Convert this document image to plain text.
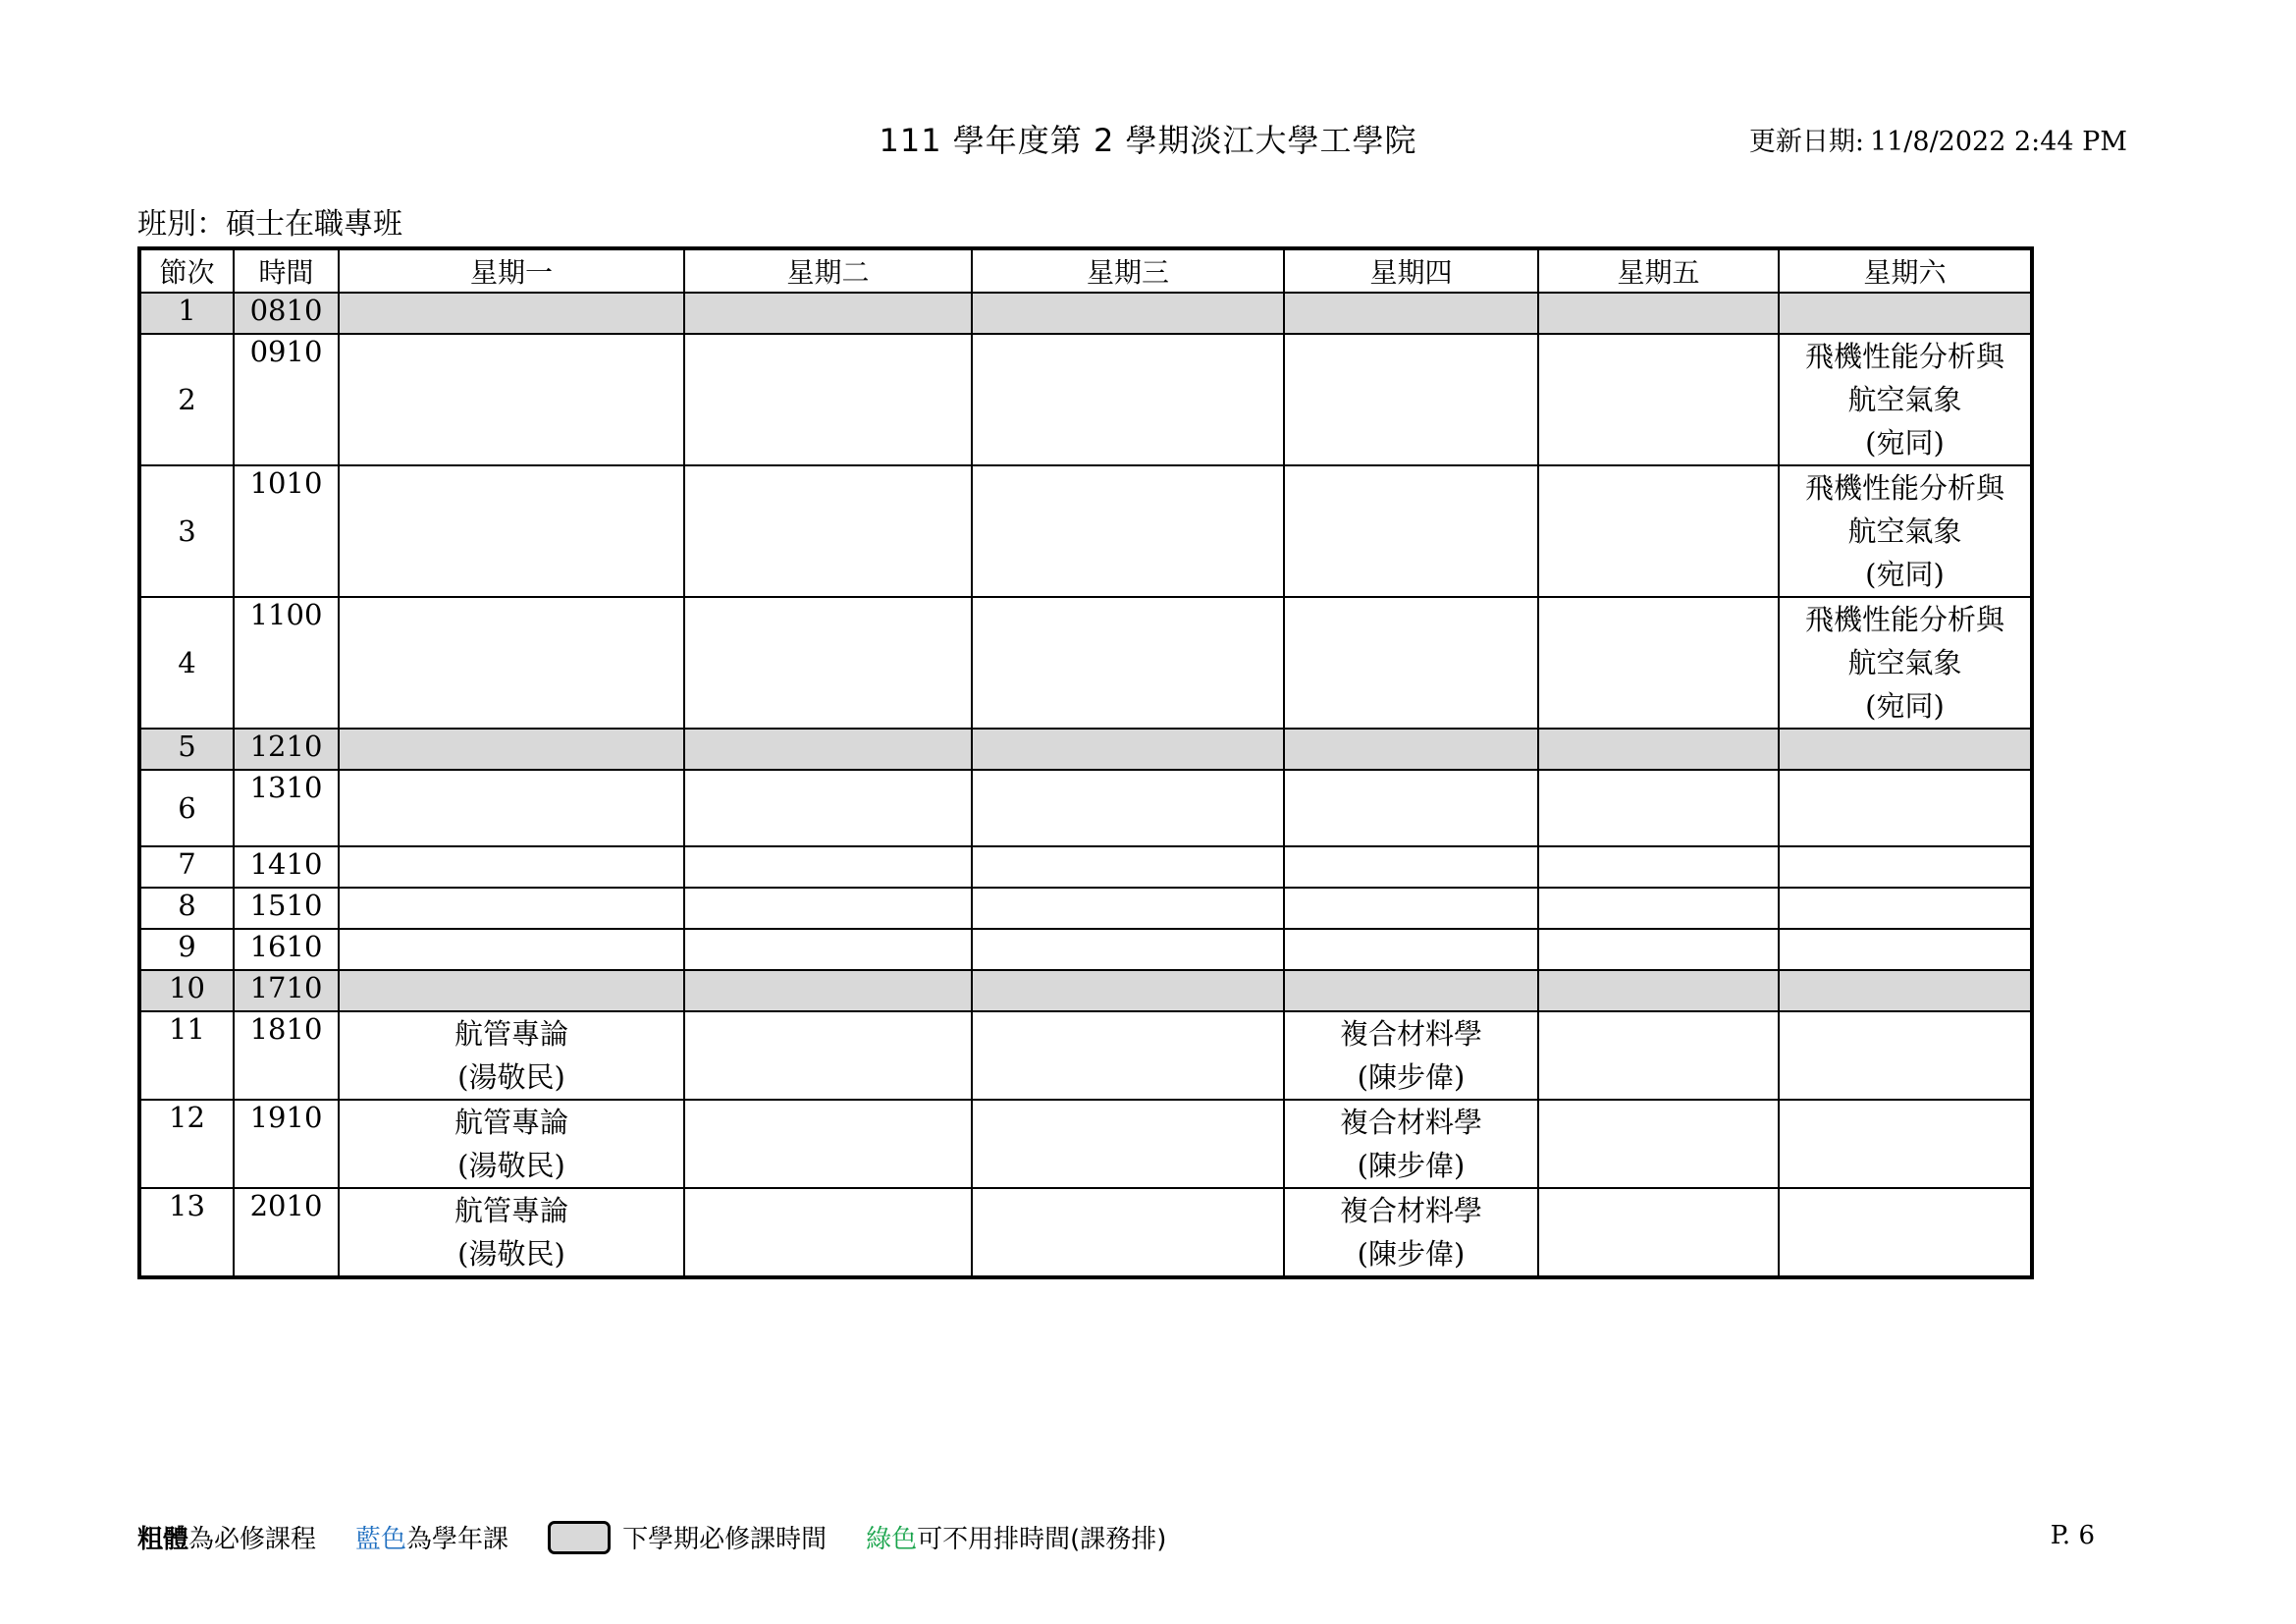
111 學年度第 2 學期淡江大學工學院	更新日期: 11/8/2022 2:44 PM
班別：碩士在職專班
節次	時間	星期一	星期二	星期三	星期四	星期五	星期六
1	0810						
2	0910						飛機性能分析與
航空氣象
(宛同)

3	1010						飛機性能分析與
航空氣象
(宛同)

4	1100						飛機性能分析與
航空氣象
(宛同)

5	1210						
6	1310						
7	1410						
8	1510						
9	1610						
10	1710						
11	1810	航管專論
(湯敬民)			複合材料學
(陳步偉)		

12	1910	航管專論
(湯敬民)			複合材料學
(陳步偉)		

13	2010	航管專論
(湯敬民)			複合材料學
(陳步偉)		

粗體 為必修課程 藍色 為學年課	下學期必修課時間 綠色 可不用排時間(課務排)	P. 6
